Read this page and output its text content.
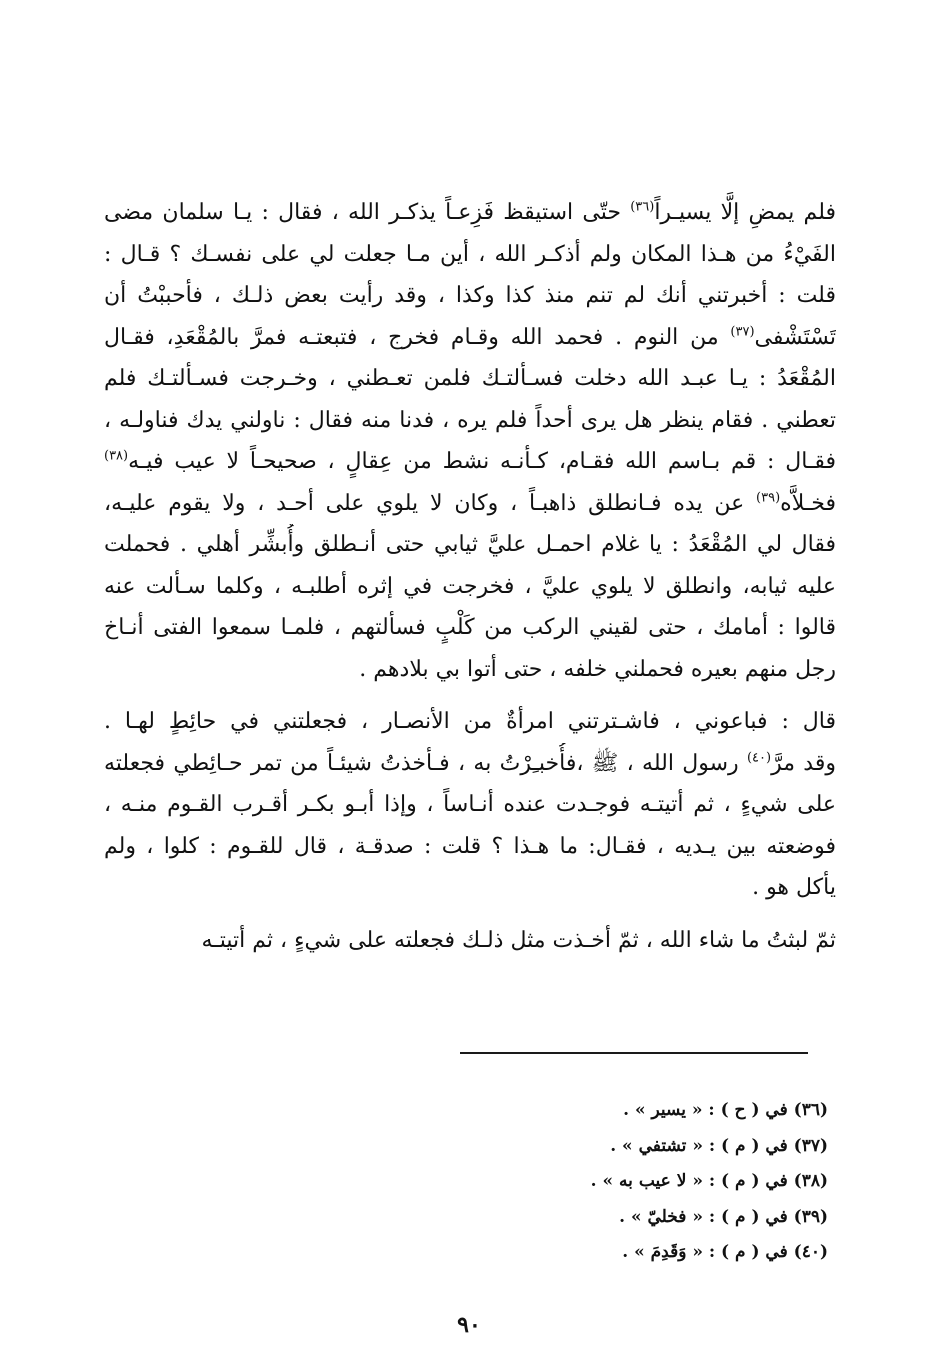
فلم يمضِ إلَّا يسيـراً$^{(٣٦)}$ حتّى استيقظ فَزِعـاً يذكـر الله ، فقال : يـا سلمان مضى
الفَيْءُ من هـذا المكان ولم أذكـر الله ، أين مـا جعلت لي على نفسـك ؟ قـال :
قلت : أخبرتني أنك لم تنم منذ كذا وكذا ، وقد رأيت بعض ذلـك ، فأحببْتُ أن
تَسْتَشْفى$^{(٣٧)}$ من النوم . فحمد الله وقـام فخرج ، فتبعتـه فمرَّ بالمُقْعَدِ، فقـال
المُقْعَدُ : يـا عبـد الله دخلت فسـألتـك فلمن تعـطني ، وخـرجت فسـألتـك فلم
تعطني . فقام ينظر هل يرى أحداً فلم يره ، فدنا منه فقال : ناولني يدك فناولـه ،
فقـال : قم بـاسم الله فقـام، كـأنـه نشط من عِقالٍ ، صحيحـاً لا عيب فيـه$^{(٣٨)}$
فخـلاَّه$^{(٣٩)}$ عن يده فـانطلق ذاهبـاً ، وكان لا يلوي على أحـد ، ولا يقوم عليـه،
فقال لي المُقْعَدُ : يا غلام احمـل عليَّ ثيابي حتى أنـطلق وأُبشِّر أهلي . فحملت
عليه ثيابه، وانطلق لا يلوي عليَّ ، فخرجت في إثره أطلبـه ، وكلما سـألت عنه
قالوا : أمامك ، حتى لقيني الركب من كَلْبٍ فسألتهم ، فلمـا سمعوا الفتى أنـاخ
رجل منهم بعيره فحملني خلفه ، حتى أتوا بي بلادهم .

قال : فباعوني ، فاشـترتني امرأةٌ من الأنصـار ، فجعلتني في حائِطٍ لهـا .
وقد مرَّ$^{(٤٠)}$ رسول الله ، ﷺ ،فأُخبـِرْتُ به ، فـأخذتُ شيئـاً من تمر حـائِطي فجعلته
على شيءٍ ، ثم أتيتـه فوجـدت عنده أنـاساً ، وإذا أبـو بكـر أقـرب القـوم منـه ،
فوضعته بين يـديه ، فقـال: ما هـذا ؟ قلت : صدقـة ، قال للقـوم : كلوا ، ولم
يأكل هو .

ثمّ لبثتُ ما شاء الله ، ثمّ أخـذت مثل ذلـك فجعلته على شيءٍ ، ثم أتيتـه

(٣٦) في ( ح ) : « يسير » .
(٣٧) في ( م ) : « تشتفي » .
(٣٨) في ( م ) : « لا عيب به » .
(٣٩) في ( م ) : « فخليّ » .
(٤٠) في ( م ) : « وَقَدِمَ » .
٩٠
